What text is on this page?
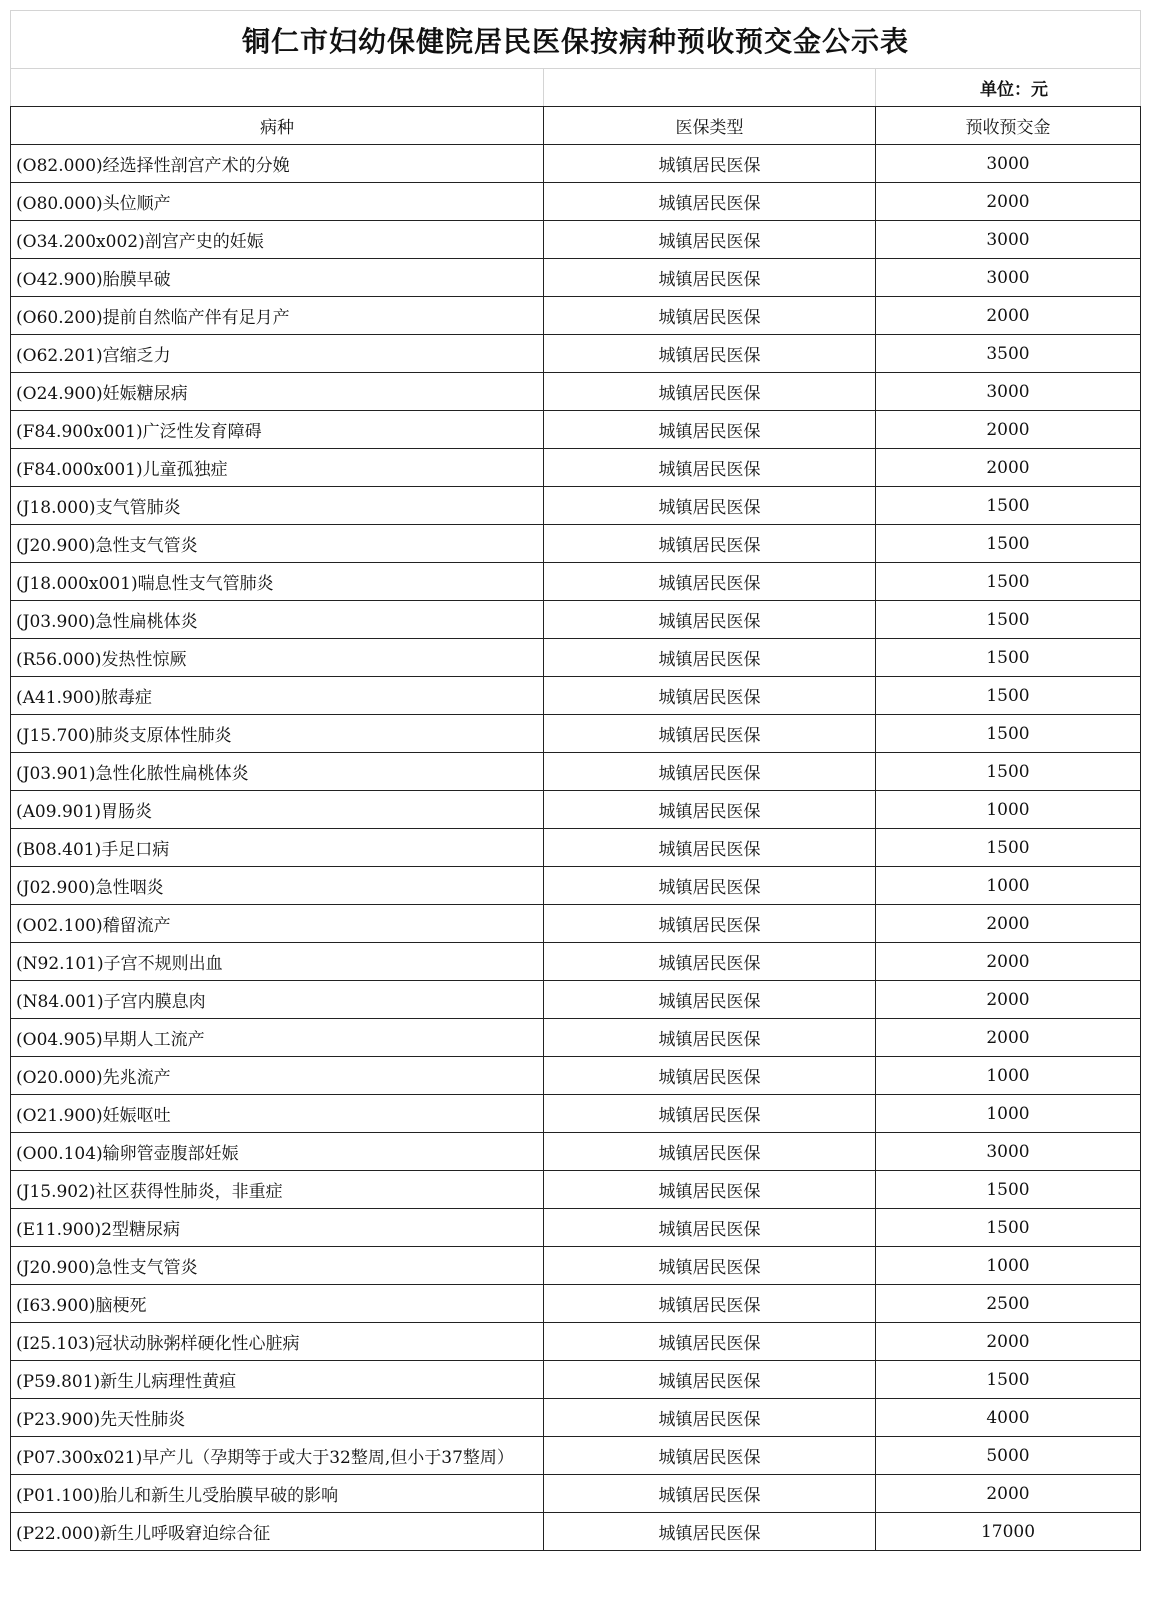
铜仁市妇幼保健院居民医保按病种预收预交金公示表		
		单位：元
病种	医保类型	预收预交金
(O82.000)经选择性剖宫产术的分娩	城镇居民医保	3000
(O80.000)头位顺产	城镇居民医保	2000
(O34.200x002)剖宫产史的妊娠	城镇居民医保	3000
(O42.900)胎膜早破	城镇居民医保	3000
(O60.200)提前自然临产伴有足月产	城镇居民医保	2000
(O62.201)宫缩乏力	城镇居民医保	3500
(O24.900)妊娠糖尿病	城镇居民医保	3000
(F84.900x001)广泛性发育障碍	城镇居民医保	2000
(F84.000x001)儿童孤独症	城镇居民医保	2000
(J18.000)支气管肺炎	城镇居民医保	1500
(J20.900)急性支气管炎	城镇居民医保	1500
(J18.000x001)喘息性支气管肺炎	城镇居民医保	1500
(J03.900)急性扁桃体炎	城镇居民医保	1500
(R56.000)发热性惊厥	城镇居民医保	1500
(A41.900)脓毒症	城镇居民医保	1500
(J15.700)肺炎支原体性肺炎	城镇居民医保	1500
(J03.901)急性化脓性扁桃体炎	城镇居民医保	1500
(A09.901)胃肠炎	城镇居民医保	1000
(B08.401)手足口病	城镇居民医保	1500
(J02.900)急性咽炎	城镇居民医保	1000
(O02.100)稽留流产	城镇居民医保	2000
(N92.101)子宫不规则出血	城镇居民医保	2000
(N84.001)子宫内膜息肉	城镇居民医保	2000
(O04.905)早期人工流产	城镇居民医保	2000
(O20.000)先兆流产	城镇居民医保	1000
(O21.900)妊娠呕吐	城镇居民医保	1000
(O00.104)输卵管壶腹部妊娠	城镇居民医保	3000
(J15.902)社区获得性肺炎，非重症	城镇居民医保	1500
(E11.900)2型糖尿病	城镇居民医保	1500
(J20.900)急性支气管炎	城镇居民医保	1000
(I63.900)脑梗死	城镇居民医保	2500
(I25.103)冠状动脉粥样硬化性心脏病	城镇居民医保	2000
(P59.801)新生儿病理性黄疸	城镇居民医保	1500
(P23.900)先天性肺炎	城镇居民医保	4000
(P07.300x021)早产儿（孕期等于或大于32整周,但小于37整周）	城镇居民医保	5000
(P01.100)胎儿和新生儿受胎膜早破的影响	城镇居民医保	2000
(P22.000)新生儿呼吸窘迫综合征	城镇居民医保	17000
